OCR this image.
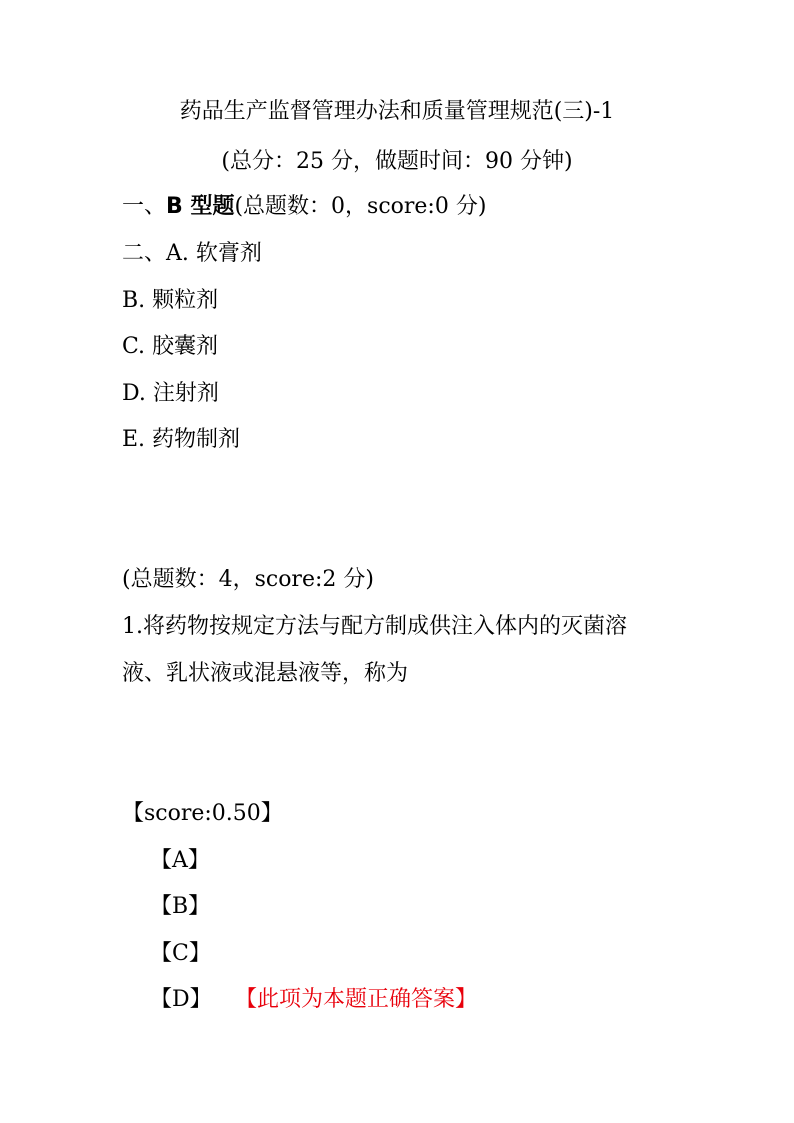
药品生产监督管理办法和质量管理规范(三)-1
(总分：25 分，做题时间：90 分钟)
一、B 型题(总题数：0，score:0 分)
二、A. 软膏剂
B. 颗粒剂
C. 胶囊剂
D. 注射剂
E. 药物制剂
(总题数：4，score:2 分)
1.将药物按规定方法与配方制成供注入体内的灭菌溶
液、乳状液或混悬液等，称为
【score:0.50】
【A】
【B】
【C】
【D】 【此项为本题正确答案】
